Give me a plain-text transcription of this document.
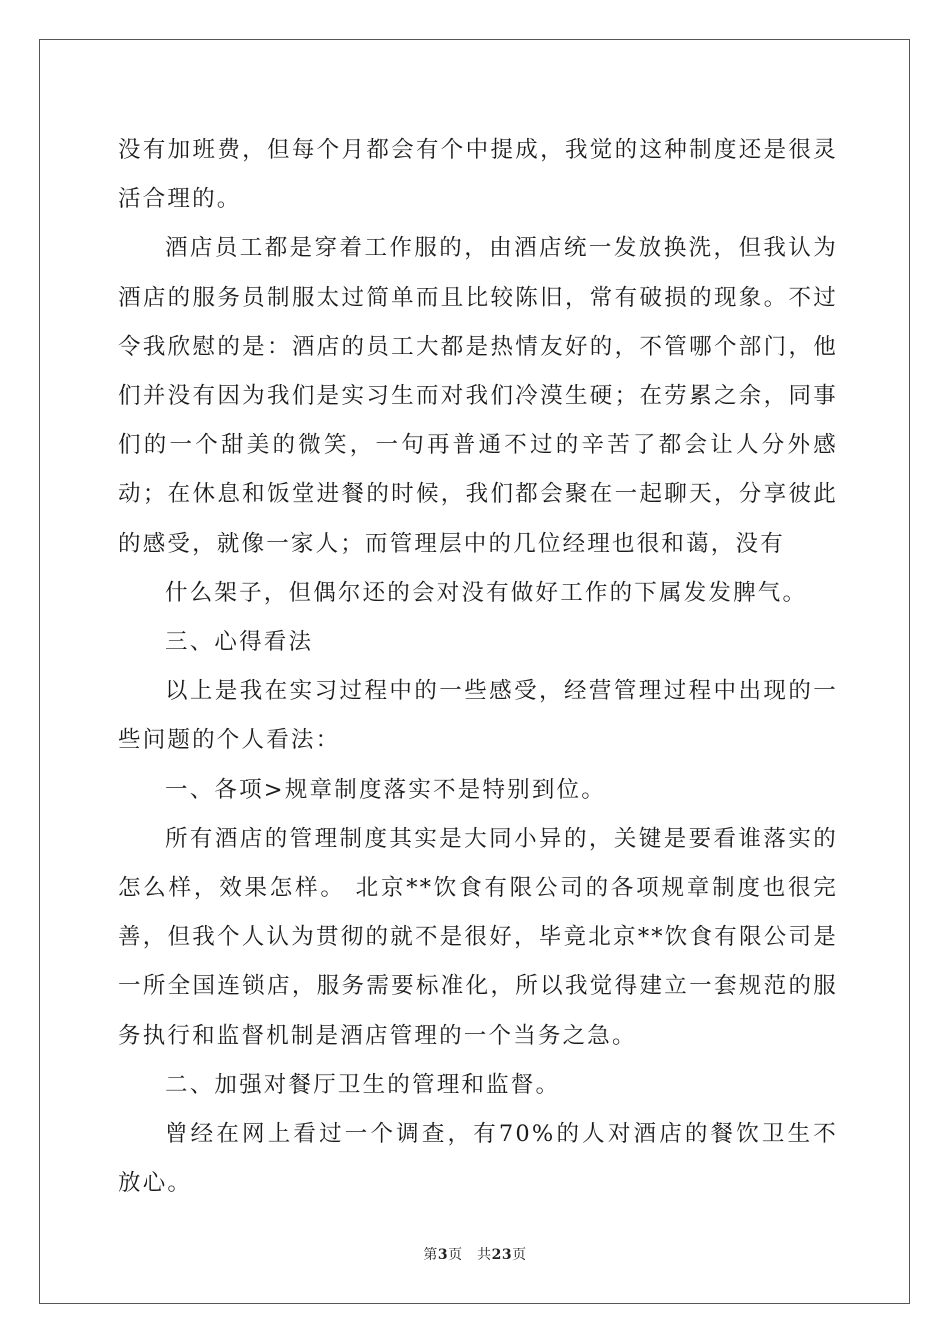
没有加班费，但每个月都会有个中提成，我觉的这种制度还是很灵活合理的。

酒店员工都是穿着工作服的，由酒店统一发放换洗，但我认为酒店的服务员制服太过简单而且比较陈旧，常有破损的现象。不过令我欣慰的是：酒店的员工大都是热情友好的，不管哪个部门，他们并没有因为我们是实习生而对我们冷漠生硬；在劳累之余，同事们的一个甜美的微笑，一句再普通不过的辛苦了都会让人分外感动；在休息和饭堂进餐的时候，我们都会聚在一起聊天，分享彼此的感受，就像一家人；而管理层中的几位经理也很和蔼，没有

什么架子，但偶尔还的会对没有做好工作的下属发发脾气。

三、心得看法

以上是我在实习过程中的一些感受，经营管理过程中出现的一些问题的个人看法：

一、各项>规章制度落实不是特别到位。

所有酒店的管理制度其实是大同小异的，关键是要看谁落实的怎么样，效果怎样。 北京**饮食有限公司的各项规章制度也很完善，但我个人认为贯彻的就不是很好，毕竟北京**饮食有限公司是一所全国连锁店，服务需要标准化，所以我觉得建立一套规范的服务执行和监督机制是酒店管理的一个当务之急。

二、加强对餐厅卫生的管理和监督。

曾经在网上看过一个调查，有70%的人对酒店的餐饮卫生不放心。

第3页　共23页
